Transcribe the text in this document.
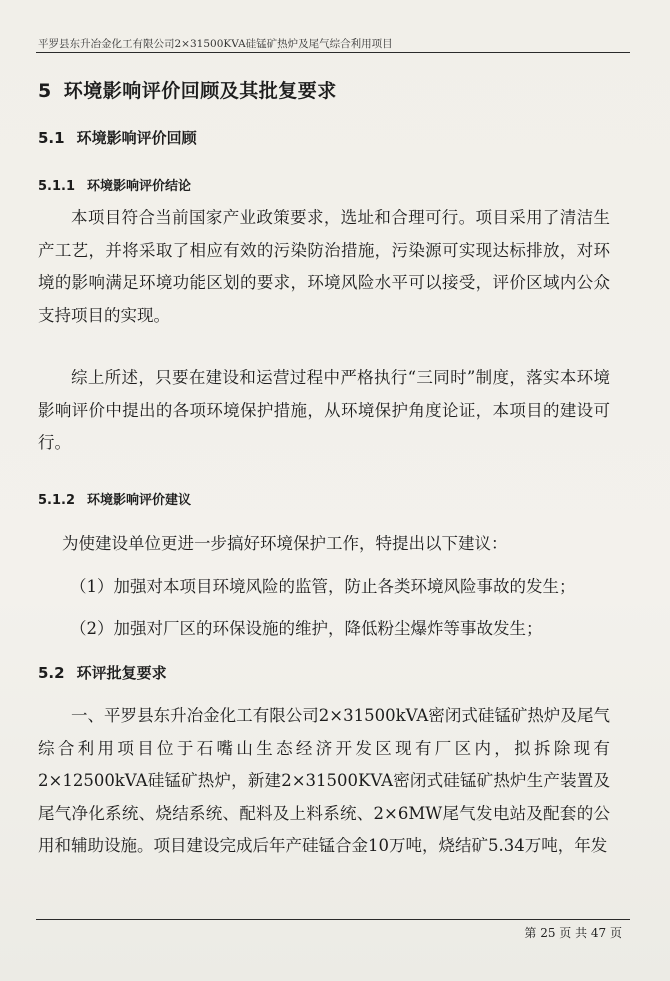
平罗县东升冶金化工有限公司2×31500KVA硅锰矿热炉及尾气综合利用项目
5 环境影响评价回顾及其批复要求
5.1 环境影响评价回顾
5.1.1 环境影响评价结论
本项目符合当前国家产业政策要求，选址和合理可行。项目采用了清洁生产工艺，并将采取了相应有效的污染防治措施，污染源可实现达标排放，对环境的影响满足环境功能区划的要求，环境风险水平可以接受，评价区域内公众支持项目的实现。
综上所述，只要在建设和运营过程中严格执行“三同时”制度，落实本环境影响评价中提出的各项环境保护措施，从环境保护角度论证，本项目的建设可行。
5.1.2 环境影响评价建议
为使建设单位更进一步搞好环境保护工作，特提出以下建议：
（1）加强对本项目环境风险的监管，防止各类环境风险事故的发生；
（2）加强对厂区的环保设施的维护，降低粉尘爆炸等事故发生；
5.2 环评批复要求
一、平罗县东升冶金化工有限公司2×31500kVA密闭式硅锰矿热炉及尾气综合利用项目位于石嘴山生态经济开发区现有厂区内，拟拆除现有2×12500kVA硅锰矿热炉，新建2×31500KVA密闭式硅锰矿热炉生产装置及尾气净化系统、烧结系统、配料及上料系统、2×6MW尾气发电站及配套的公用和辅助设施。项目建设完成后年产硅锰合金10万吨，烧结矿5.34万吨，年发
第 25 页 共 47 页
